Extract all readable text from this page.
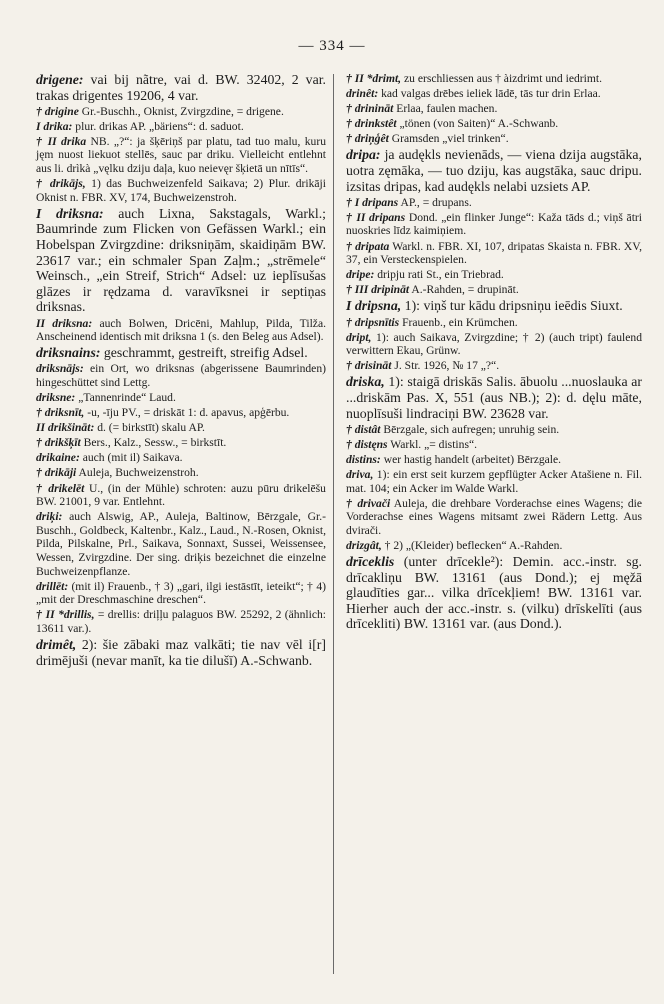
— 334 —

drigene: vai bij nãtre, vai d. BW. 32402, 2 var. trakas drigentes 19206, 4 var.

† drigine Gr.-Buschh., Oknist, Zvirgzdine, = drigene.

I drika: plur. drikas AP. „bäriens“: d. saduot.

† II drika NB. „?“: ja šķēriņš par platu, tad tuo malu, kuru jęm nuost liekuot stellēs, sauc par driku. Vielleicht entlehnt aus li. drìkà „vęlku dziju daļa, kuo neievęr šķietā un nītīs“.

† drikājs, 1) das Buchweizenfeld Saikava; 2) Plur. drikāji Oknist n. FBR. XV, 174, Buchweizenstroh.

I driksna: auch Lixna, Sakstagals, Warkl.; Baumrinde zum Flicken von Gefässen Warkl.; ein Hobelspan Zvirgzdine: driksniņām, skaidiņām BW. 23617 var.; ein schmaler Span Zaļm.; „strēmele“ Weinsch., „ein Streif, Strich“ Adsel: uz ieplīsušas glāzes ir rędzama d. varavīksnei ir septiņas driksnas.

II driksna: auch Bolwen, Dricēni, Mahlup, Pilda, Tilža. Anscheinend identisch mit driksna 1 (s. den Beleg aus Adsel).

driksnains: geschrammt, gestreift, streifig Adsel.

driksnājs: ein Ort, wo driksnas (abgerissene Baumrinden) hingeschüttet sind Lettg.

driksne: „Tannenrinde“ Laud.

† driksnīt, -u, -īju PV., = driskāt 1: d. apavus, apģērbu.

II drikšināt: d. (= birkstīt) skalu AP.

† drikšķīt Bers., Kalz., Sessw., = birkstīt.

drikaine: auch (mit il) Saikava.

† drikāji Auleja, Buchweizenstroh.

† drikelēt U., (in der Mühle) schroten: auzu pūru drikelēšu BW. 21001, 9 var. Entlehnt.

driķi: auch Alswig, AP., Auleja, Baltinow, Bērzgale, Gr.-Buschh., Goldbeck, Kaltenbr., Kalz., Laud., N.-Rosen, Oknist, Pilda, Pilskalne, Prl., Saikava, Sonnaxt, Sussei, Weissensee, Wessen, Zvirgzdine. Der sing. driķis bezeichnet die einzelne Buchweizenpflanze.

drillēt: (mit il) Frauenb., † 3) „gari, ilgi iestāstīt, ieteikt“; † 4) „mit der Dreschmaschine dreschen“.

† II *drillis, = drellis: driļļu palaguos BW. 25292, 2 (ähnlich: 13611 var.).

drimêt, 2): šie zābaki maz valkāti; tie nav vēl i[r] drimējuši (nevar manīt, ka tie dilušī) A.-Schwanb.

† II *drimt, zu erschliessen aus † àizdrimt und iedrimt.

drinêt: kad valgas drēbes ieliek lādē, tās tur drin Erlaa.

† drinināt Erlaa, faulen machen.

† drinkstêt „tönen (von Saiten)“ A.-Schwanb.

† driņģêt Gramsden „viel trinken“.

dripa: ja audękls nevienāds, — viena dzija augstāka, uotra zęmāka, — tuo dziju, kas augstāka, sauc dripu. izsitas dripas, kad audękls nelabi uzsiets AP.

† I dripans AP., = drupans.

† II dripans Dond. „ein flinker Junge“: Kaža tāds d.; viņš ātri nuoskries līdz kaimiņiem.

† dripata Warkl. n. FBR. XI, 107, dripatas Skaista n. FBR. XV, 37, ein Versteckenspielen.

dripe: dripju rati St., ein Triebrad.

† III dripināt A.-Rahden, = drupināt.

I dripsna, 1): viņš tur kādu dripsniņu ieēdis Siuxt.

† dripsnītis Frauenb., ein Krümchen.

dript, 1): auch Saikava, Zvirgzdine; † 2) (auch tript) faulend verwittern Ekau, Grünw.

† drisināt J. Str. 1926, № 17 „?“.

driska, 1): staigā driskās Salis. ābuolu ...nuoslauka ar ...driskām Pas. X, 551 (aus NB.); 2): d. dęlu māte, nuoplīsuši lindraciņi BW. 23628 var.

† distât Bērzgale, sich aufregen; unruhig sein.

† distęns Warkl. „= distins“.

distins: wer hastig handelt (arbeitet) Bērzgale.

driva, 1): ein erst seit kurzem gepflügter Acker Atašiene n. Fil. mat. 104; ein Acker im Walde Warkl.

† drivači Auleja, die drehbare Vorderachse eines Wagens; die Vorderachse eines Wagens mitsamt zwei Rädern Lettg. Aus dvirači.

drizgât, † 2) „(Kleider) beflecken“ A.-Rahden.

drīceklis (unter drīcekle²): Demin. acc.-instr. sg. drīcakliņu BW. 13161 (aus Dond.); ej męžā glaudīties gar... vilka drīcekļiem! BW. 13161 var. Hierher auch der acc.-instr. s. (vilku) drīskelīti (aus drīcekliti) BW. 13161 var. (aus Dond.).
